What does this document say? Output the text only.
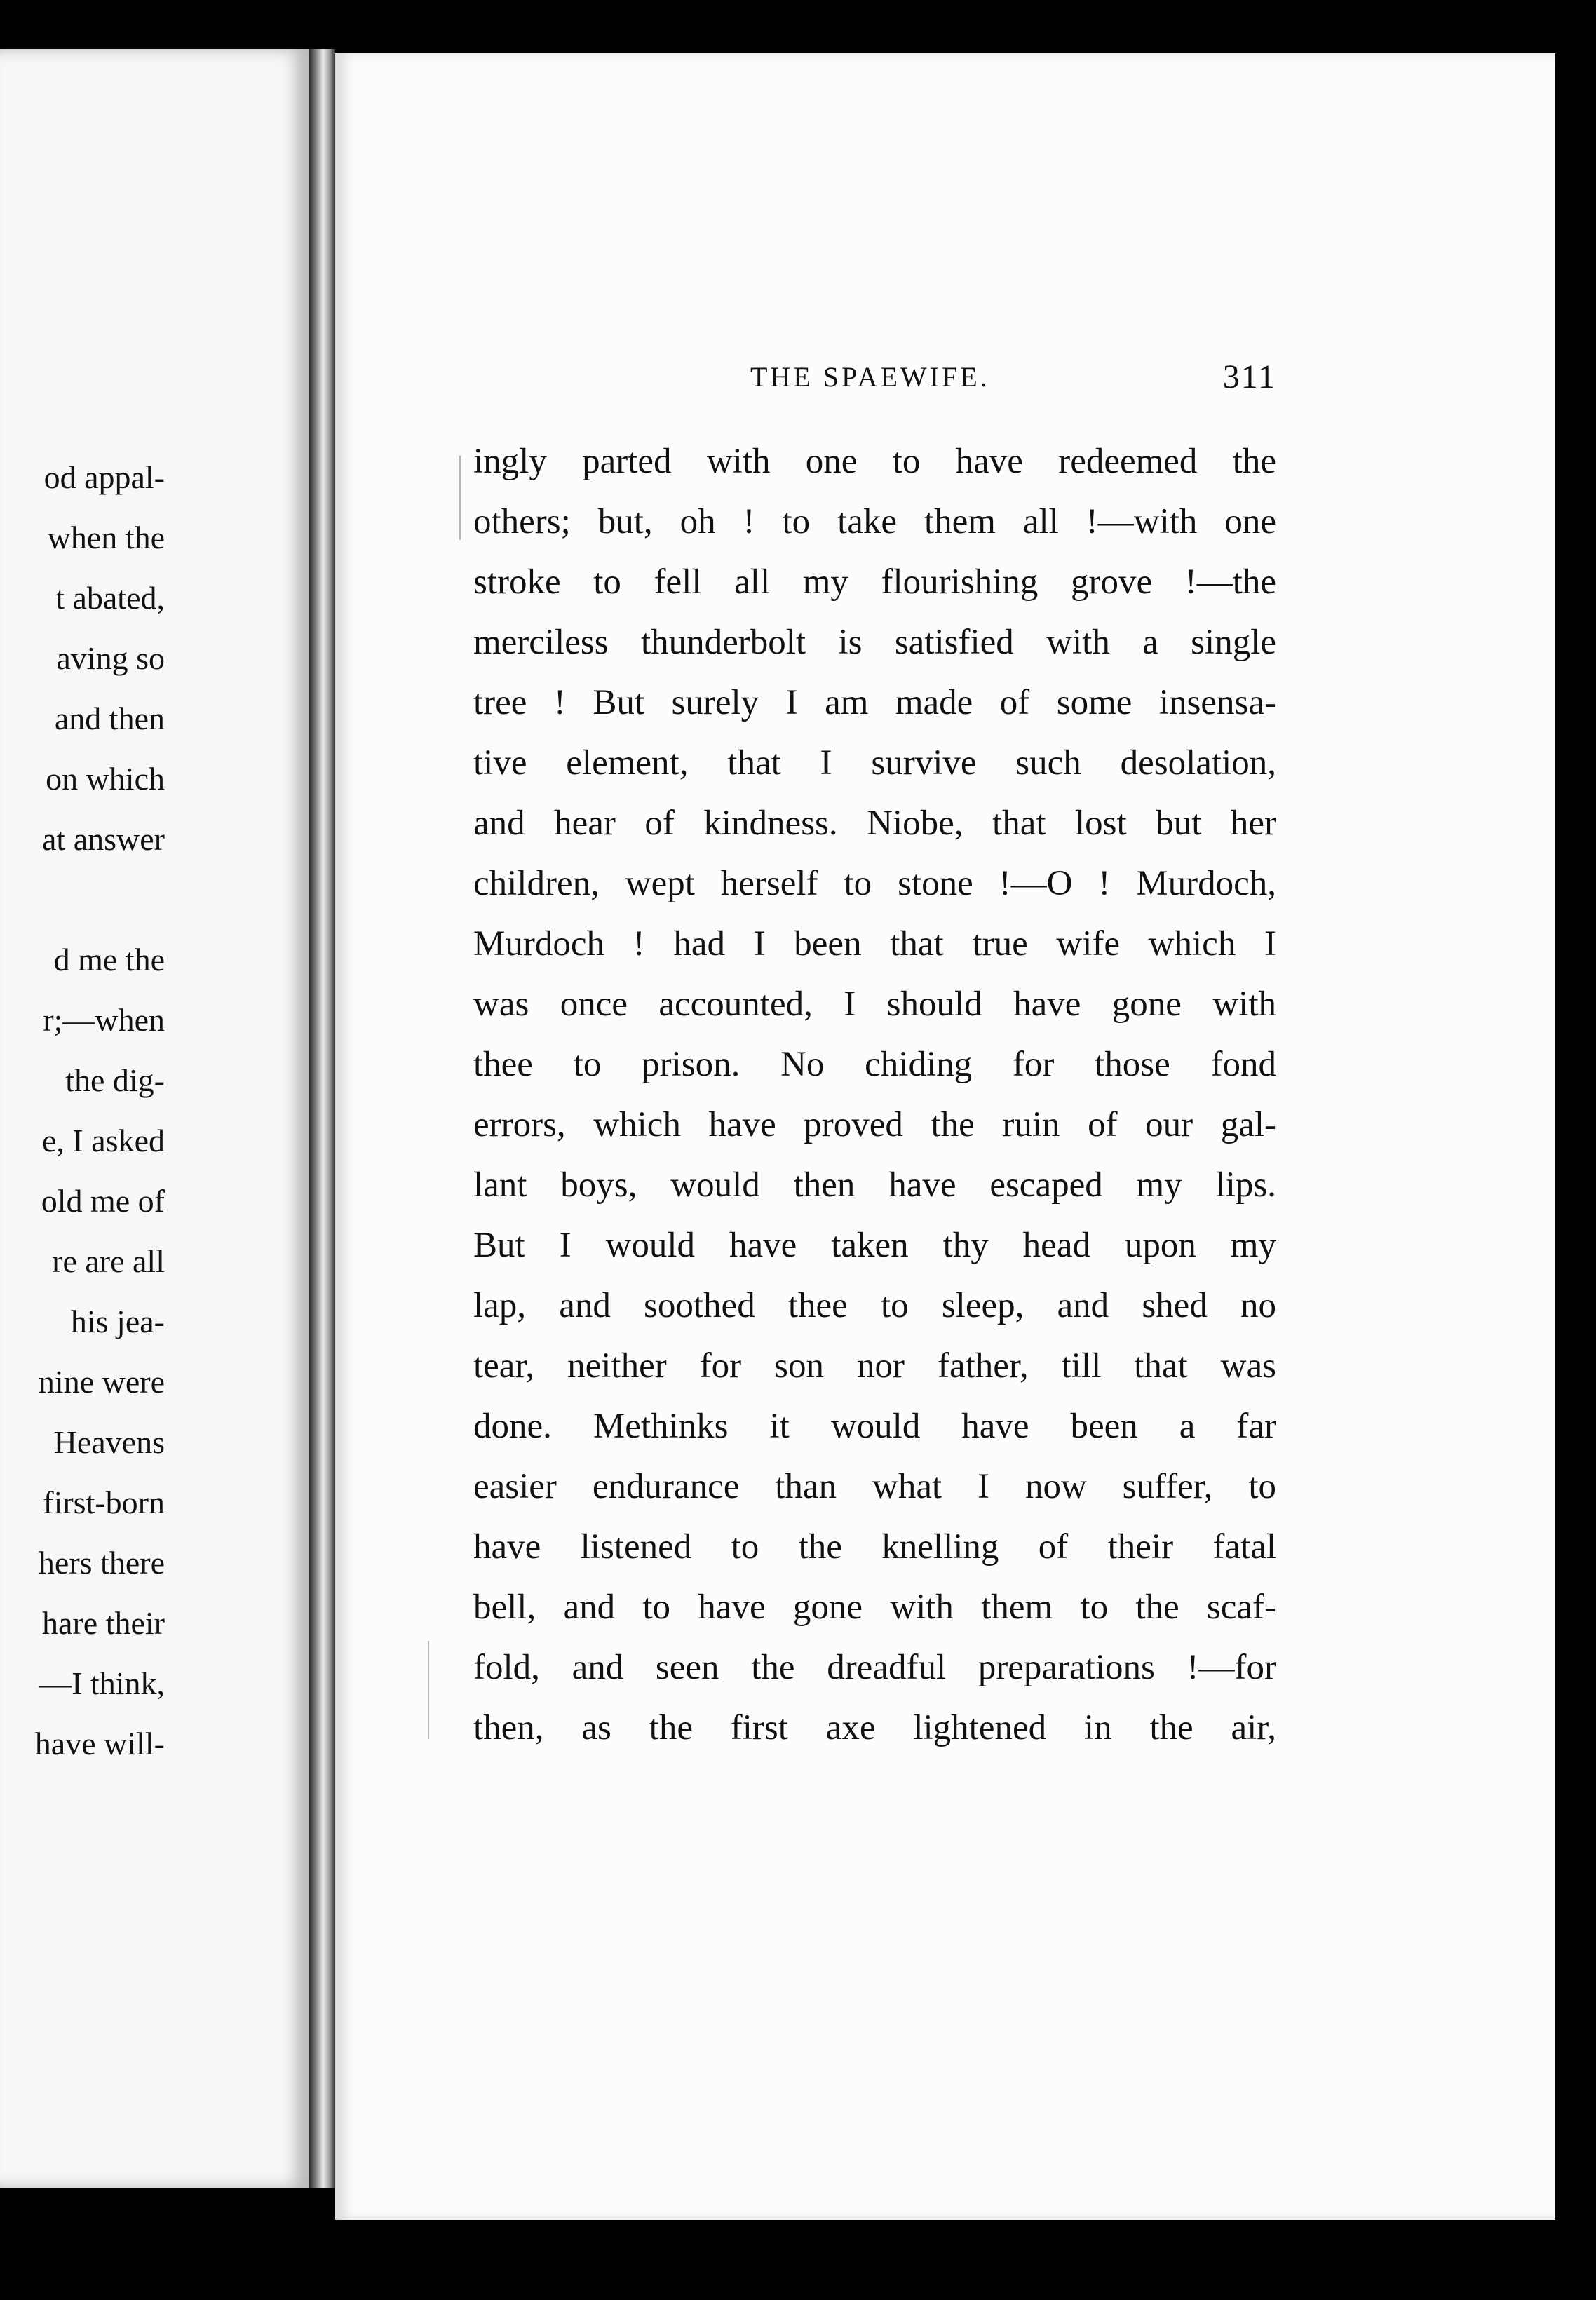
od appal-
when the
t abated,
aving so
and then
on which
at answer
d me the
r;—when
the dig-
e, I asked
old me of
re are all
his jea-
nine were
Heavens
first-born
hers there
hare their
—I think,
have will-
THE SPAEWIFE.	311
ingly parted with one to have redeemed the
others; but, oh ! to take them all !—with one
stroke to fell all my flourishing grove !—the
merciless thunderbolt is satisfied with a single
tree ! But surely I am made of some insensa-
tive element, that I survive such desolation,
and hear of kindness. Niobe, that lost but her
children, wept herself to stone !—O ! Murdoch,
Murdoch ! had I been that true wife which I
was once accounted, I should have gone with
thee to prison. No chiding for those fond
errors, which have proved the ruin of our gal-
lant boys, would then have escaped my lips.
But I would have taken thy head upon my
lap, and soothed thee to sleep, and shed no
tear, neither for son nor father, till that was
done. Methinks it would have been a far
easier endurance than what I now suffer, to
have listened to the knelling of their fatal
bell, and to have gone with them to the scaf-
fold, and seen the dreadful preparations !—for
then, as the first axe lightened in the air,
